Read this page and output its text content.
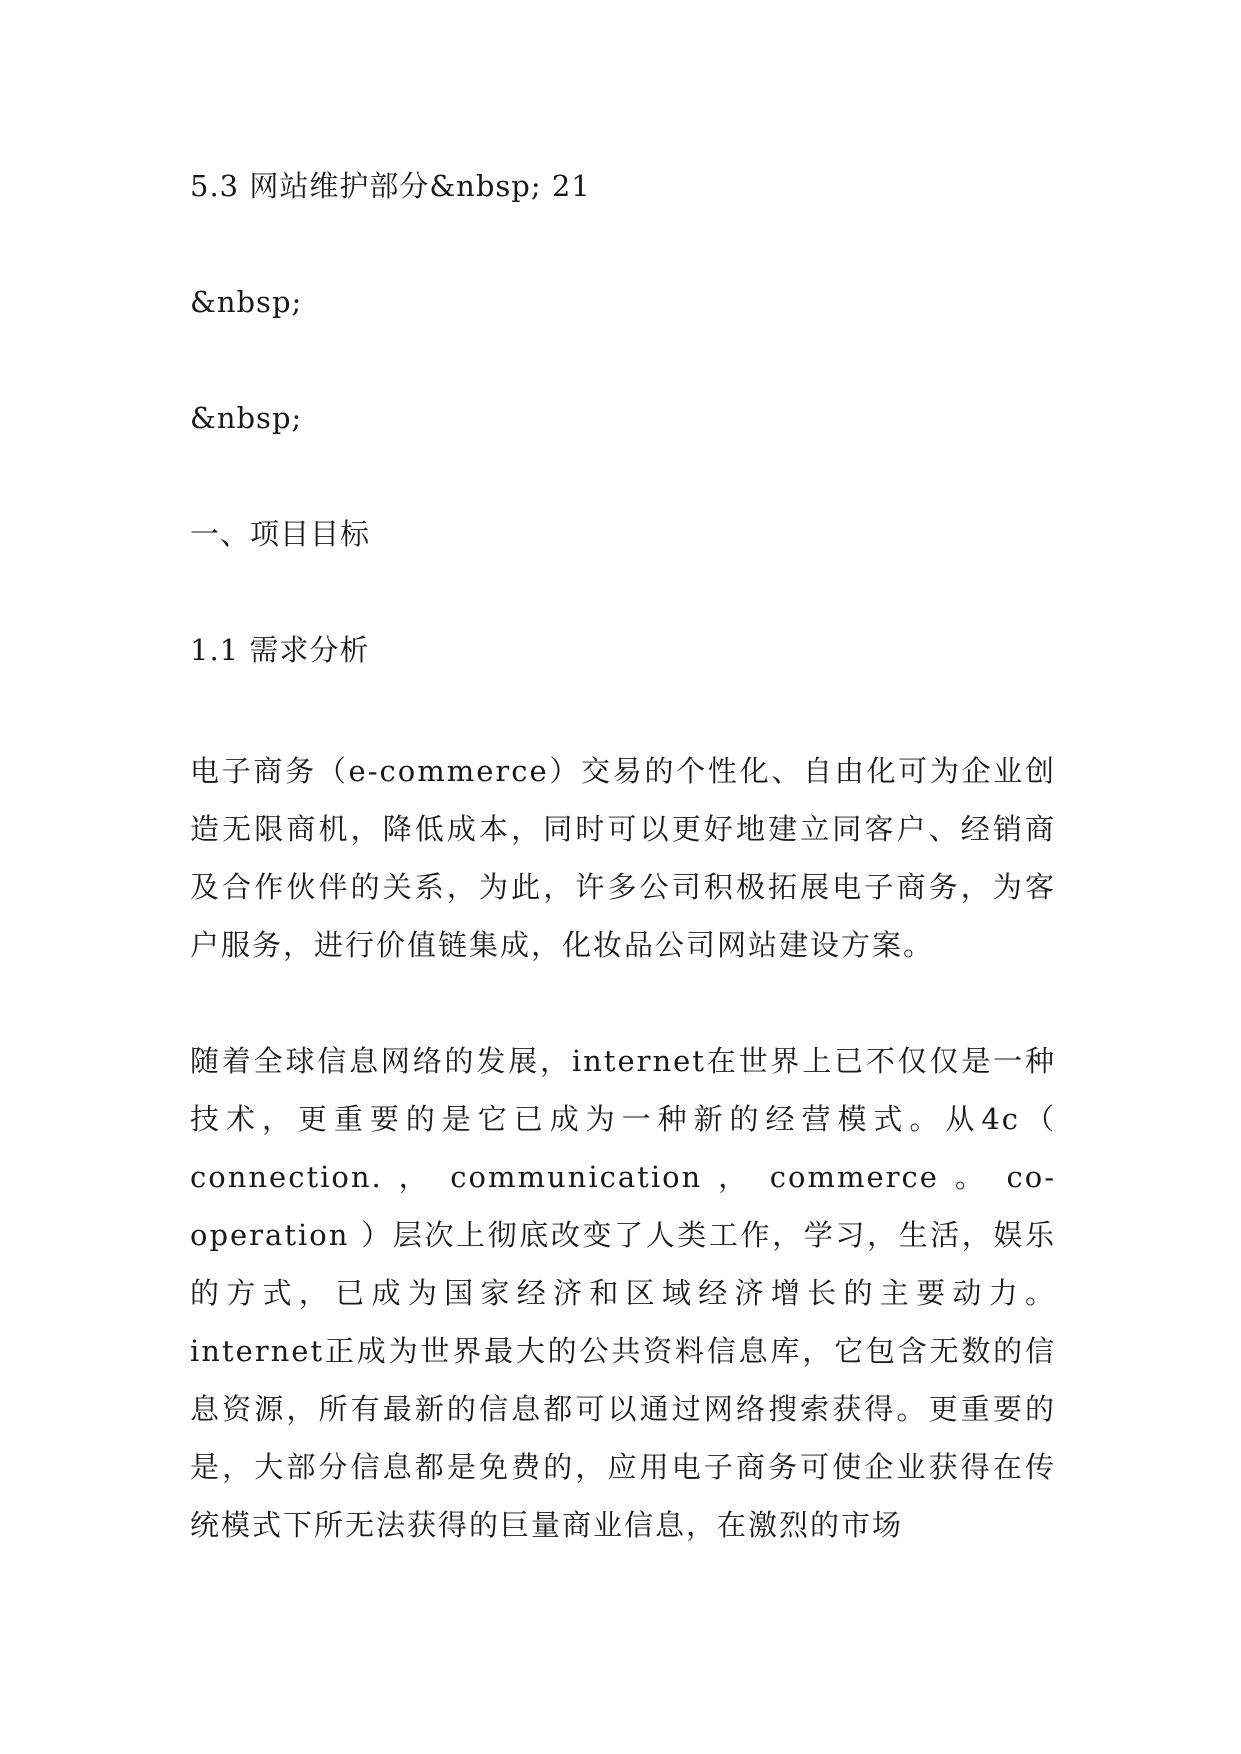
5.3 网站维护部分&nbsp; 21
&nbsp;
&nbsp;
一、项目目标
1.1 需求分析

电子商务（e-commerce）交易的个性化、自由化可为企业创造无限商机，降低成本，同时可以更好地建立同客户、经销商及合作伙伴的关系，为此，许多公司积极拓展电子商务，为客户服务，进行价值链集成，化妆品公司网站建设方案。

随着全球信息网络的发展，internet在世界上已不仅仅是一种技术，更重要的是它已成为一种新的经营模式。从4c（ connection. ， communication ， commerce 。 co-operation ）层次上彻底改变了人类工作，学习，生活，娱乐的方式，已成为国家经济和区域经济增长的主要动力。internet正成为世界最大的公共资料信息库，它包含无数的信息资源，所有最新的信息都可以通过网络搜索获得。更重要的是，大部分信息都是免费的，应用电子商务可使企业获得在传统模式下所无法获得的巨量商业信息，在激烈的市场
